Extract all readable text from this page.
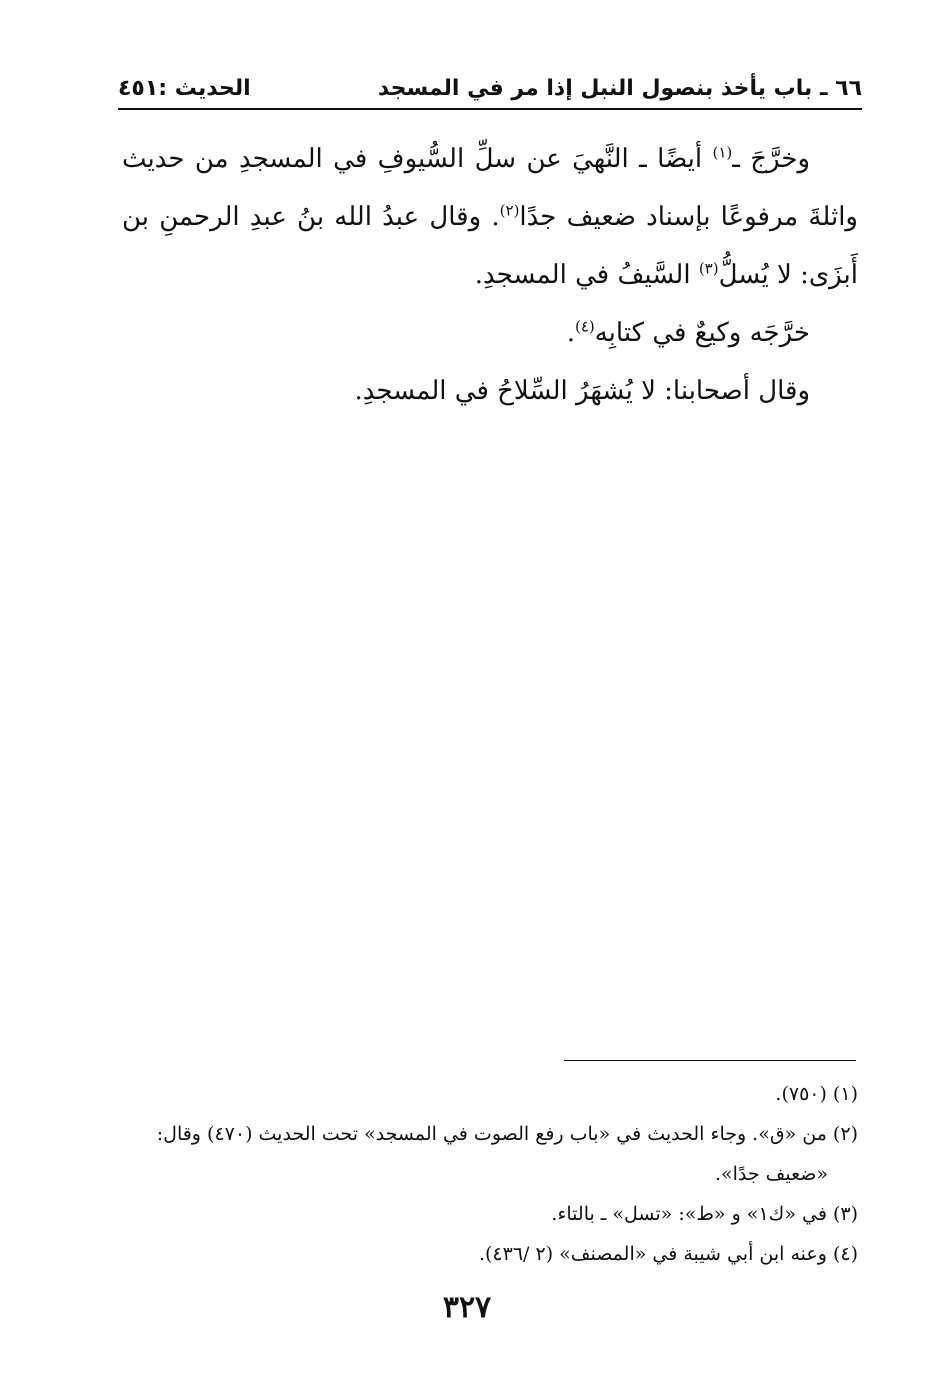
٦٦ ـ باب يأخذ بنصول النبل إذا مر في المسجد
الحديث :٤٥١

وخرَّجَ ـ$^{(١)}$ أيضًا ـ النَّهيَ عن سلِّ السُّيوفِ في المسجدِ من حديث واثلةَ مرفوعًا بإسناد ضعيف جدًا$^{(٢)}$. وقال عبدُ الله بنُ عبدِ الرحمنِ بن أَبزَى: لا يُسلُّ$^{(٣)}$ السَّيفُ في المسجدِ.

خرَّجَه وكيعٌ في كتابِه$^{(٤)}$.

وقال أصحابنا: لا يُشهَرُ السِّلاحُ في المسجدِ.

(١) (٧٥٠).

(٢) من «ق». وجاء الحديث في «باب رفع الصوت في المسجد» تحت الحديث (٤٧٠) وقال:

«ضعيف جدًا».

(٣) في «ك١» و «ط»: «تسل» ـ بالتاء.

(٤) وعنه ابن أبي شيبة في «المصنف» (٢ /٤٣٦).

٣٢٧
